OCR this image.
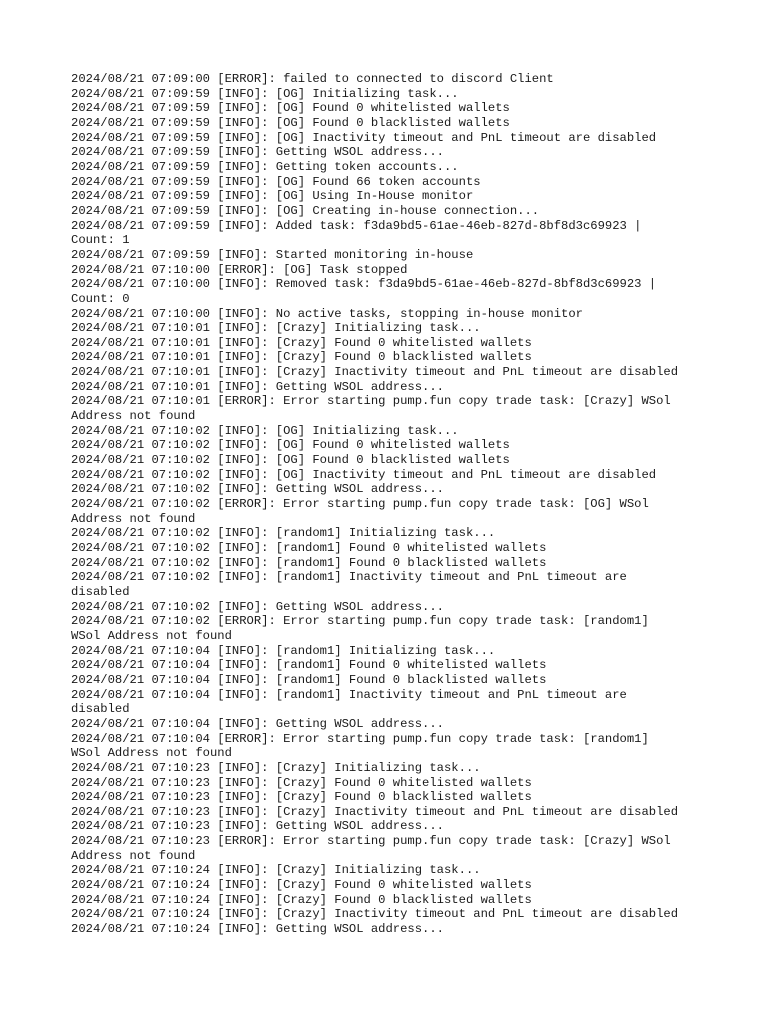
2024/08/21 07:09:00 [ERROR]: failed to connected to discord Client
2024/08/21 07:09:59 [INFO]: [OG] Initializing task...
2024/08/21 07:09:59 [INFO]: [OG] Found 0 whitelisted wallets
2024/08/21 07:09:59 [INFO]: [OG] Found 0 blacklisted wallets
2024/08/21 07:09:59 [INFO]: [OG] Inactivity timeout and PnL timeout are disabled
2024/08/21 07:09:59 [INFO]: Getting WSOL address...
2024/08/21 07:09:59 [INFO]: Getting token accounts...
2024/08/21 07:09:59 [INFO]: [OG] Found 66 token accounts
2024/08/21 07:09:59 [INFO]: [OG] Using In-House monitor
2024/08/21 07:09:59 [INFO]: [OG] Creating in-house connection...
2024/08/21 07:09:59 [INFO]: Added task: f3da9bd5-61ae-46eb-827d-8bf8d3c69923 |
Count: 1
2024/08/21 07:09:59 [INFO]: Started monitoring in-house
2024/08/21 07:10:00 [ERROR]: [OG] Task stopped
2024/08/21 07:10:00 [INFO]: Removed task: f3da9bd5-61ae-46eb-827d-8bf8d3c69923 |
Count: 0
2024/08/21 07:10:00 [INFO]: No active tasks, stopping in-house monitor
2024/08/21 07:10:01 [INFO]: [Crazy] Initializing task...
2024/08/21 07:10:01 [INFO]: [Crazy] Found 0 whitelisted wallets
2024/08/21 07:10:01 [INFO]: [Crazy] Found 0 blacklisted wallets
2024/08/21 07:10:01 [INFO]: [Crazy] Inactivity timeout and PnL timeout are disabled
2024/08/21 07:10:01 [INFO]: Getting WSOL address...
2024/08/21 07:10:01 [ERROR]: Error starting pump.fun copy trade task: [Crazy] WSol
Address not found
2024/08/21 07:10:02 [INFO]: [OG] Initializing task...
2024/08/21 07:10:02 [INFO]: [OG] Found 0 whitelisted wallets
2024/08/21 07:10:02 [INFO]: [OG] Found 0 blacklisted wallets
2024/08/21 07:10:02 [INFO]: [OG] Inactivity timeout and PnL timeout are disabled
2024/08/21 07:10:02 [INFO]: Getting WSOL address...
2024/08/21 07:10:02 [ERROR]: Error starting pump.fun copy trade task: [OG] WSol
Address not found
2024/08/21 07:10:02 [INFO]: [random1] Initializing task...
2024/08/21 07:10:02 [INFO]: [random1] Found 0 whitelisted wallets
2024/08/21 07:10:02 [INFO]: [random1] Found 0 blacklisted wallets
2024/08/21 07:10:02 [INFO]: [random1] Inactivity timeout and PnL timeout are
disabled
2024/08/21 07:10:02 [INFO]: Getting WSOL address...
2024/08/21 07:10:02 [ERROR]: Error starting pump.fun copy trade task: [random1]
WSol Address not found
2024/08/21 07:10:04 [INFO]: [random1] Initializing task...
2024/08/21 07:10:04 [INFO]: [random1] Found 0 whitelisted wallets
2024/08/21 07:10:04 [INFO]: [random1] Found 0 blacklisted wallets
2024/08/21 07:10:04 [INFO]: [random1] Inactivity timeout and PnL timeout are
disabled
2024/08/21 07:10:04 [INFO]: Getting WSOL address...
2024/08/21 07:10:04 [ERROR]: Error starting pump.fun copy trade task: [random1]
WSol Address not found
2024/08/21 07:10:23 [INFO]: [Crazy] Initializing task...
2024/08/21 07:10:23 [INFO]: [Crazy] Found 0 whitelisted wallets
2024/08/21 07:10:23 [INFO]: [Crazy] Found 0 blacklisted wallets
2024/08/21 07:10:23 [INFO]: [Crazy] Inactivity timeout and PnL timeout are disabled
2024/08/21 07:10:23 [INFO]: Getting WSOL address...
2024/08/21 07:10:23 [ERROR]: Error starting pump.fun copy trade task: [Crazy] WSol
Address not found
2024/08/21 07:10:24 [INFO]: [Crazy] Initializing task...
2024/08/21 07:10:24 [INFO]: [Crazy] Found 0 whitelisted wallets
2024/08/21 07:10:24 [INFO]: [Crazy] Found 0 blacklisted wallets
2024/08/21 07:10:24 [INFO]: [Crazy] Inactivity timeout and PnL timeout are disabled
2024/08/21 07:10:24 [INFO]: Getting WSOL address...
